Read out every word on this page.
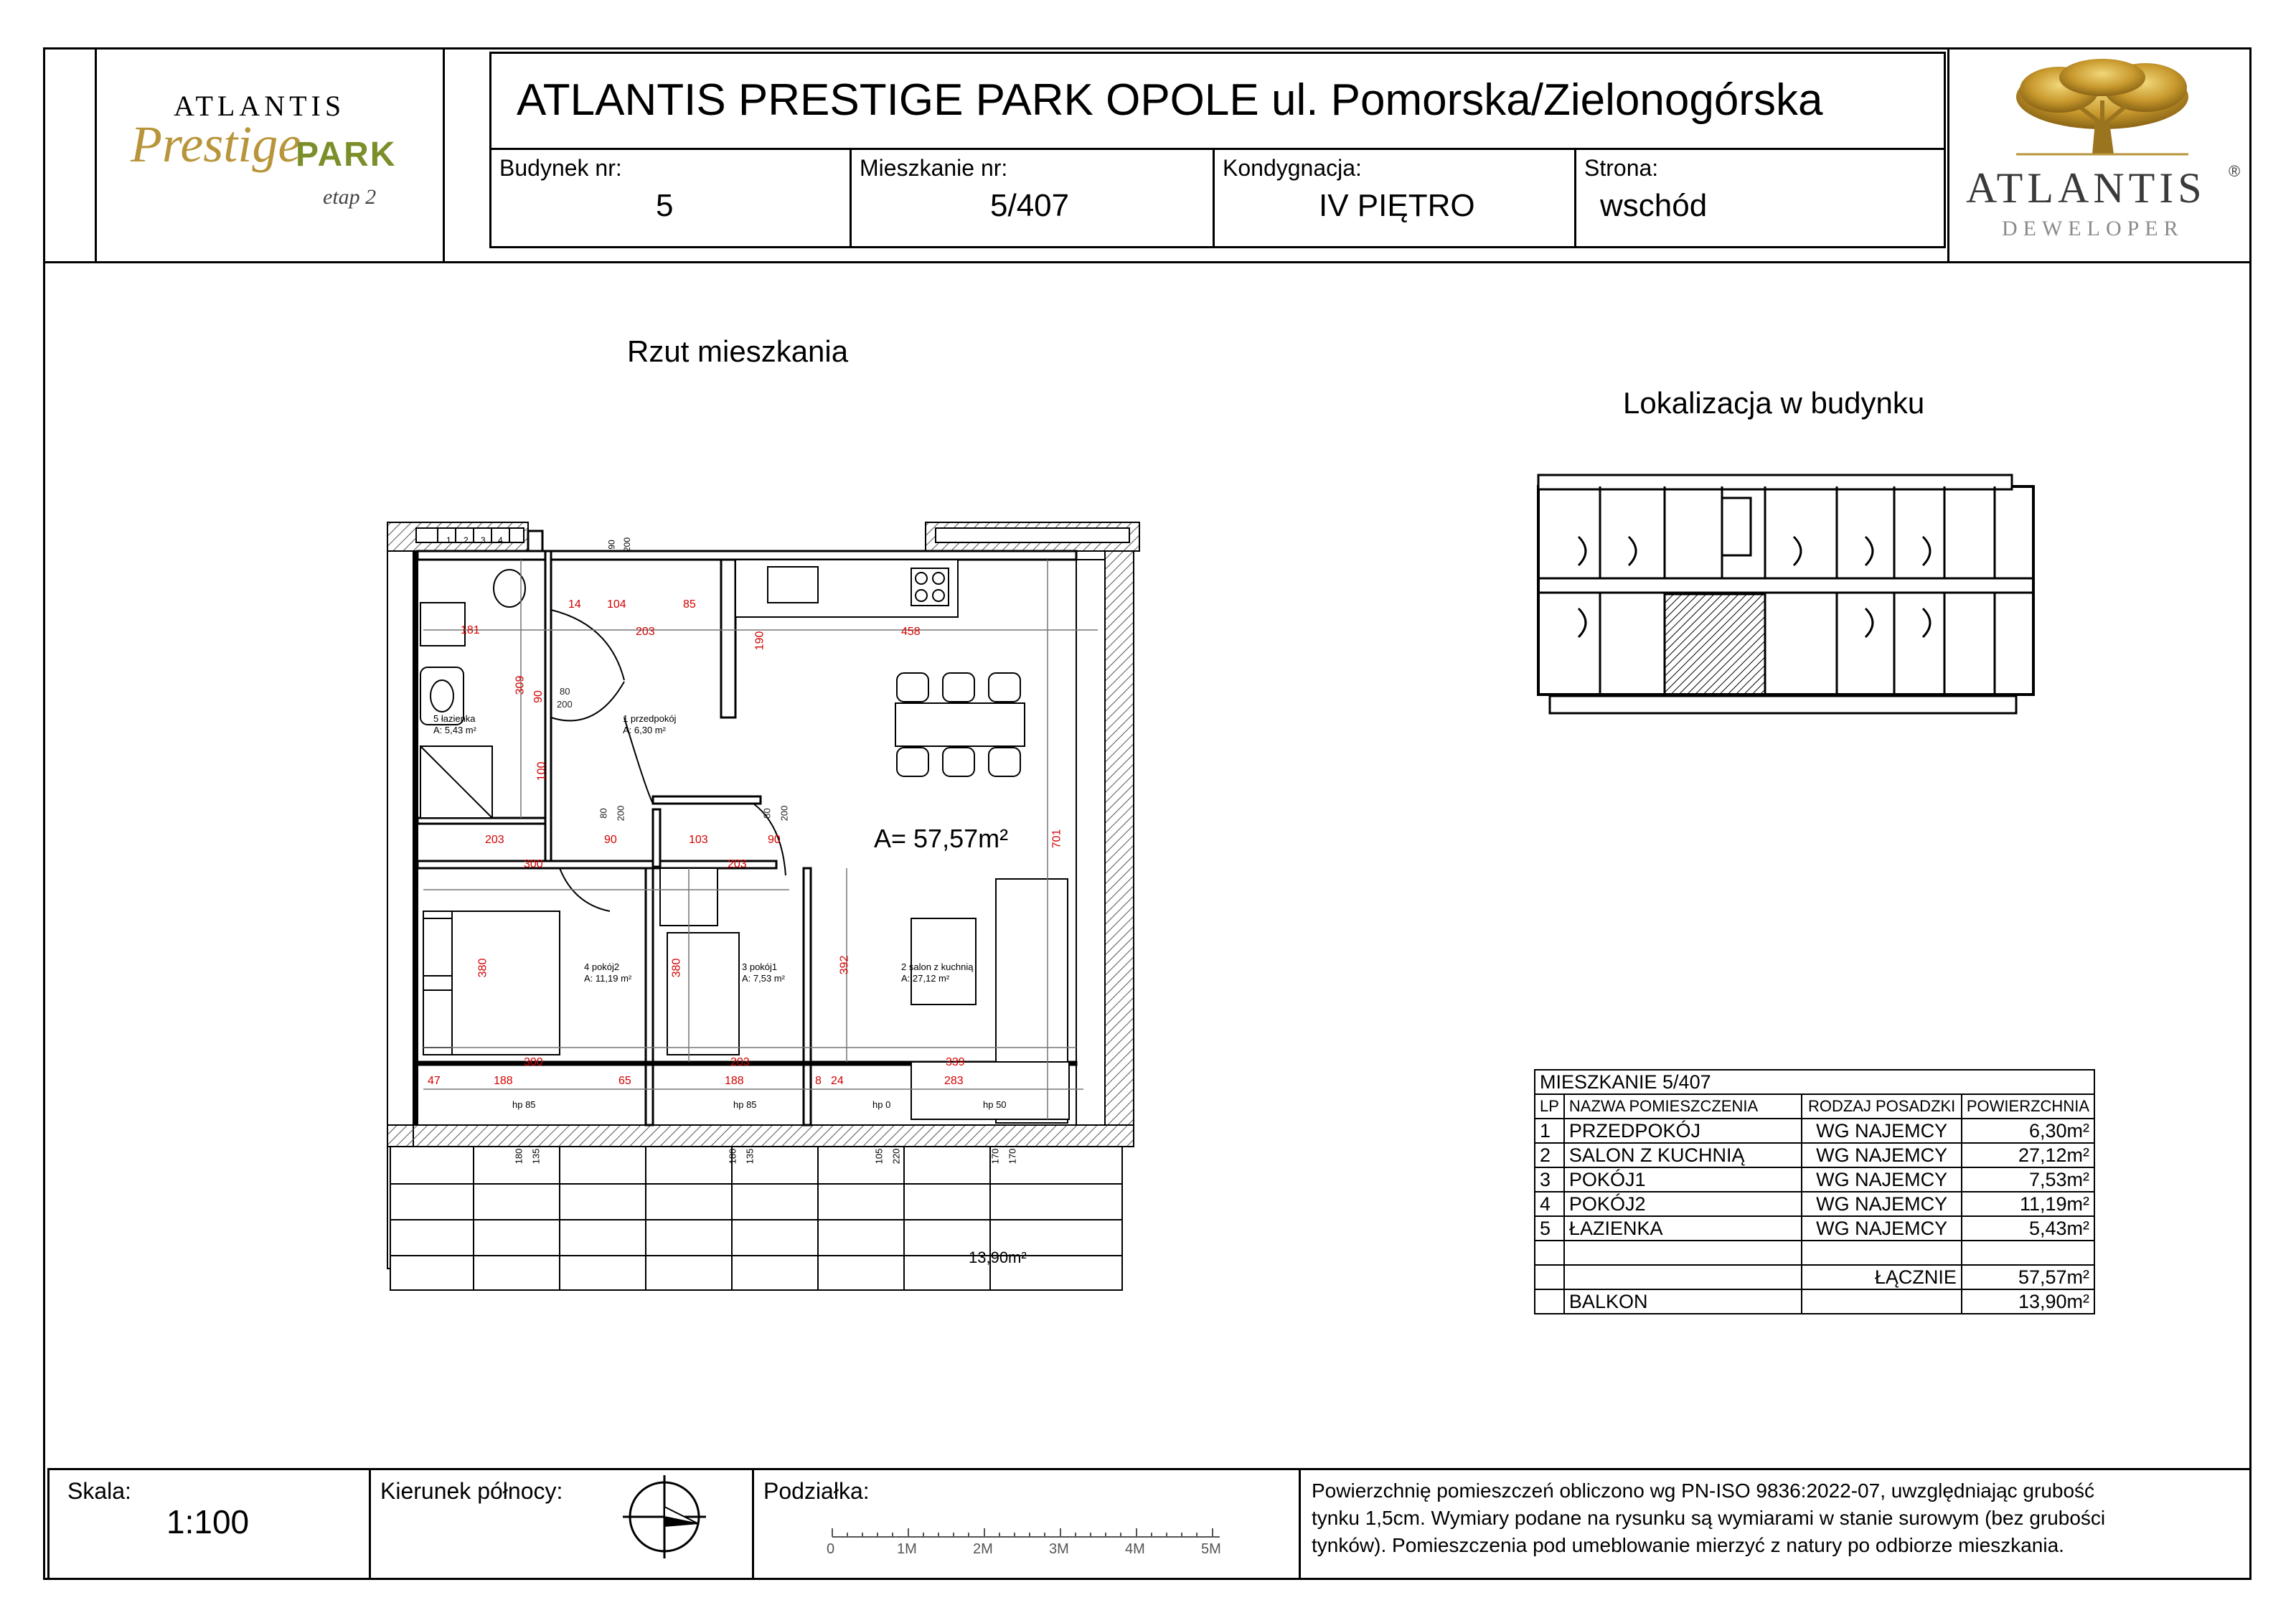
ATLANTIS
Prestige
PARK
etap 2
ATLANTIS PRESTIGE PARK OPOLE ul. Pomorska/Zielonogórska
Budynek nr:
5
Mieszkanie nr:
5/407
Kondygnacja:
IV PIĘTRO
Strona:
wschód	ATLANTIS ®
DEWELOPER
Rzut mieszkania
Lokalizacja w budynku
1 przedpokój
A: 6,30 m²
2 salon z kuchnią
A: 27,12 m²
3 pokój1
A: 7,53 m²
4 pokój2
A: 11,19 m²
5 łazienka
A: 5,43 m²
A= 57,57m²
13,90m²
181
14 104	85
203	190	458
309
90 80
200
100
80 200	80 200
203	90	103	90
300	203
701
380	380	392
300	203	339
47	188	65	188	8 24	283
hp 85	hp 85	hp 0	hp 50
180 135	180 135	105 220	170 170
90 200
1 2 3 4
MIESZKANIE 5/407			
LP	NAZWA POMIESZCZENIA	RODZAJ POSADZKI	POWIERZCHNIA
1	PRZEDPOKÓJ	WG NAJEMCY	6,30m²
2	SALON Z KUCHNIĄ	WG NAJEMCY	27,12m²
3	POKÓJ1	WG NAJEMCY	7,53m²
4	POKÓJ2	WG NAJEMCY	11,19m²
5	ŁAZIENKA	WG NAJEMCY	5,43m²

		ŁĄCZNIE	57,57m²
	BALKON		13,90m²
Skala:
1:100
Kierunek północy:	Podziałka:
0	1M	2M	3M	4M	5M
Powierzchnię pomieszczeń obliczono wg PN-ISO 9836:2022-07, uwzględniając grubość
tynku 1,5cm. Wymiary podane na rysunku są wymiarami w stanie surowym (bez grubości
tynków). Pomieszczenia pod umeblowanie mierzyć z natury po odbiorze mieszkania.
